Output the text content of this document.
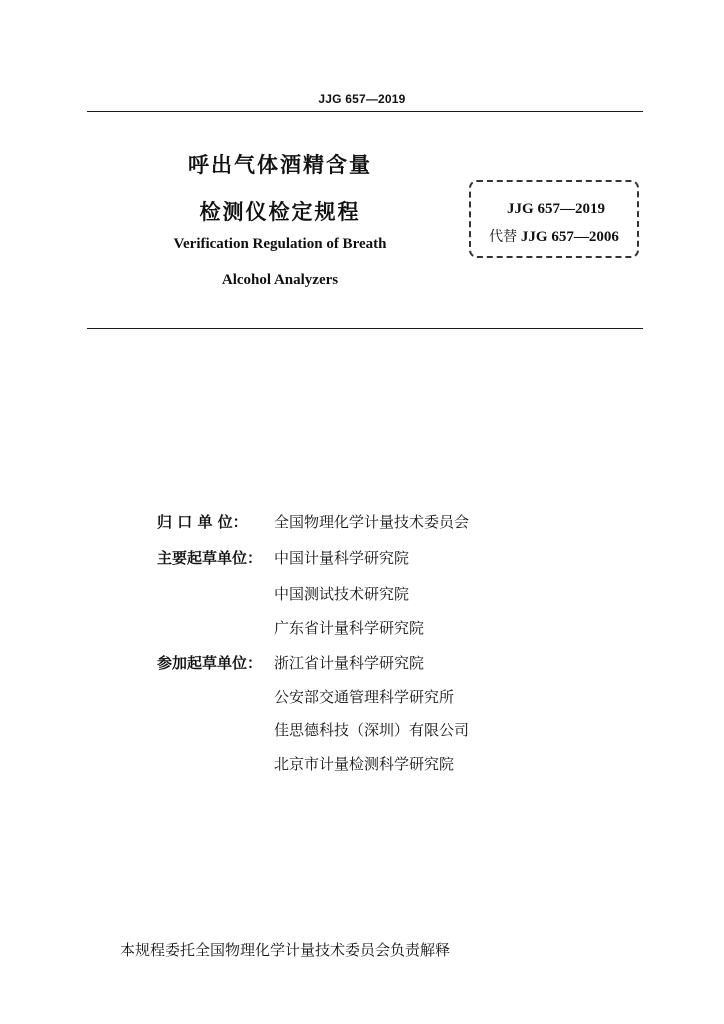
JJG 657—2019
呼出气体酒精含量
检测仪检定规程
Verification Regulation of Breath
Alcohol Analyzers
JJG 657—2019
代替 JJG 657—2006
归 口 单 位： 全国物理化学计量技术委员会
主要起草单位： 中国计量科学研究院
中国测试技术研究院
广东省计量科学研究院
参加起草单位： 浙江省计量科学研究院
公安部交通管理科学研究所
佳思德科技（深圳）有限公司
北京市计量检测科学研究院
本规程委托全国物理化学计量技术委员会负责解释
